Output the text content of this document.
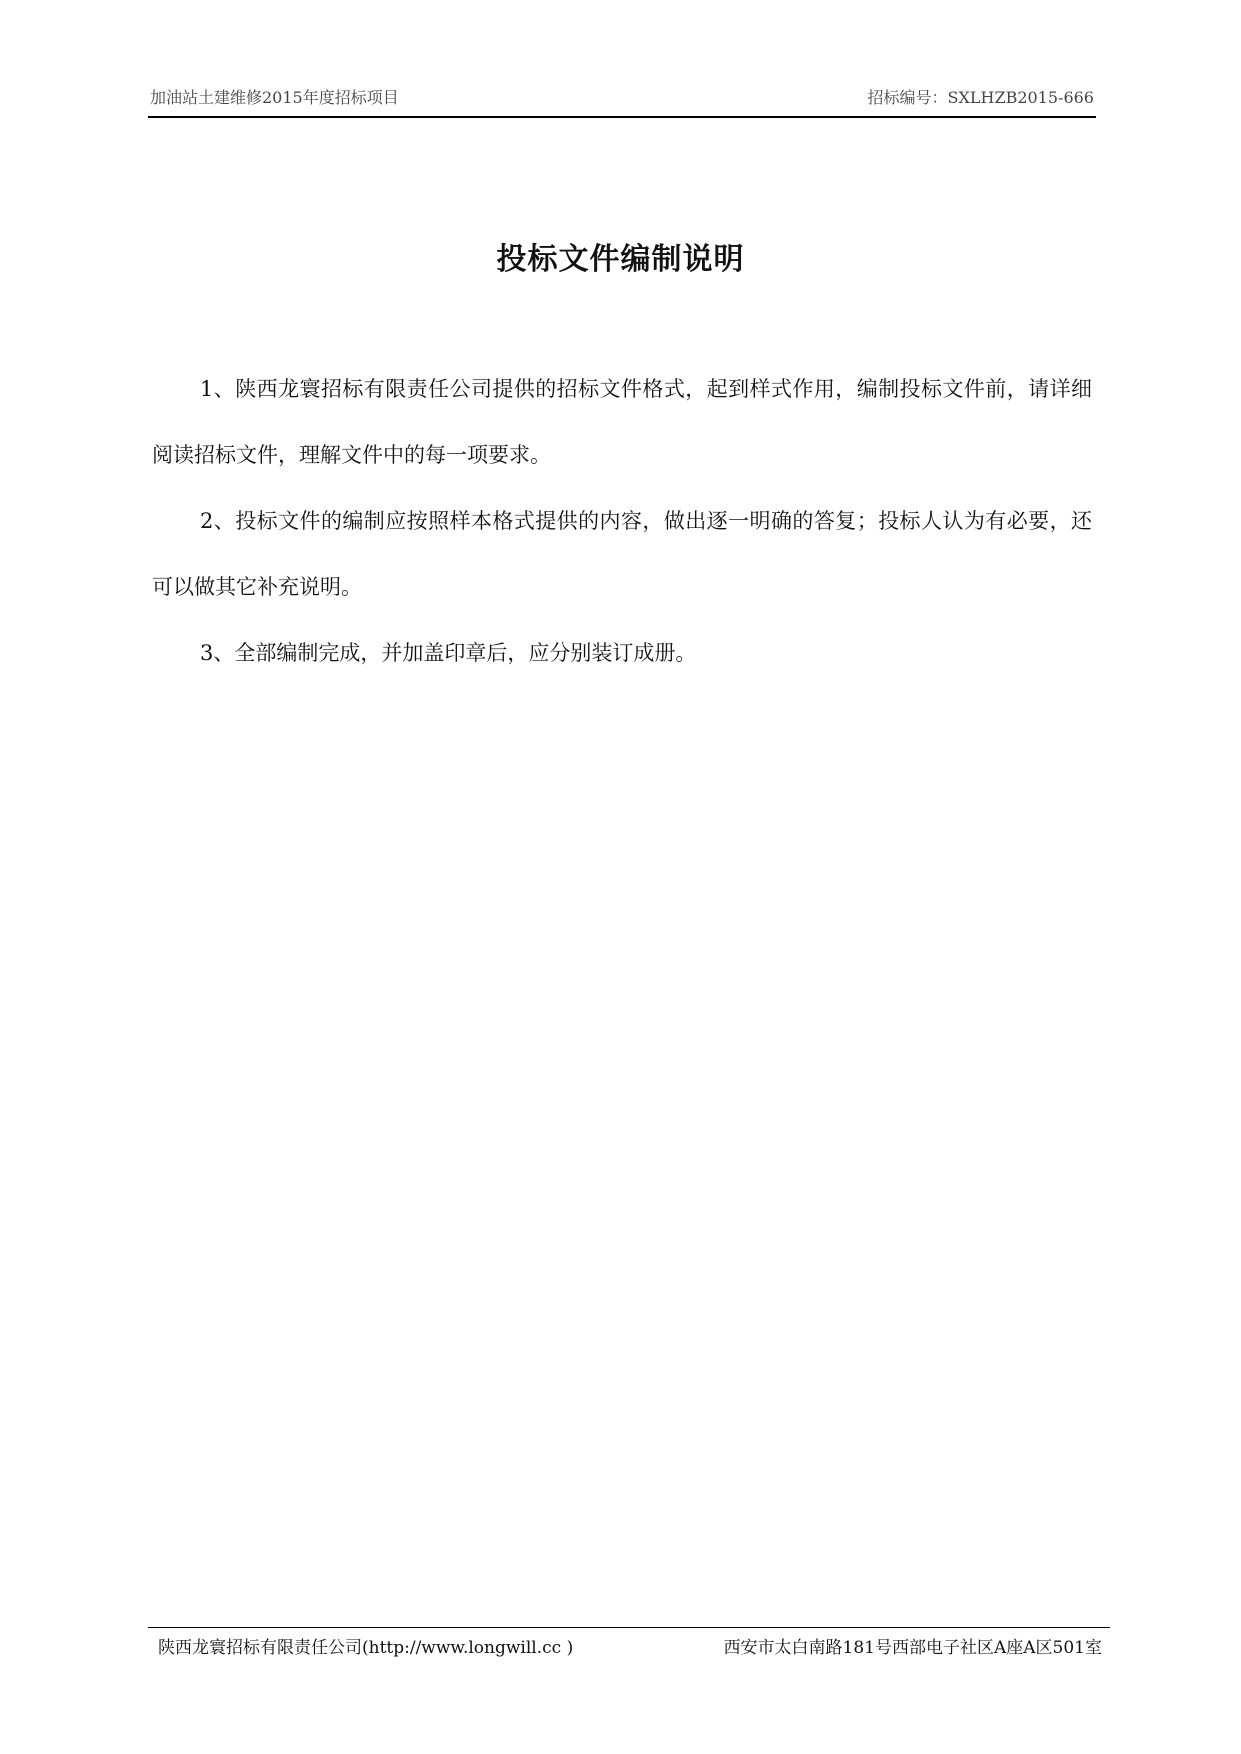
加油站土建维修2015年度招标项目	招标编号：SXLHZB2015-666
投标文件编制说明

1、陕西龙寰招标有限责任公司提供的招标文件格式，起到样式作用，编制投标文件前，请详细阅读招标文件，理解文件中的每一项要求。

2、投标文件的编制应按照样本格式提供的内容，做出逐一明确的答复；投标人认为有必要，还可以做其它补充说明。

3、全部编制完成，并加盖印章后，应分别装订成册。

陕西龙寰招标有限责任公司(http://www.longwill.cc )	西安市太白南路181号西部电子社区A座A区501室
